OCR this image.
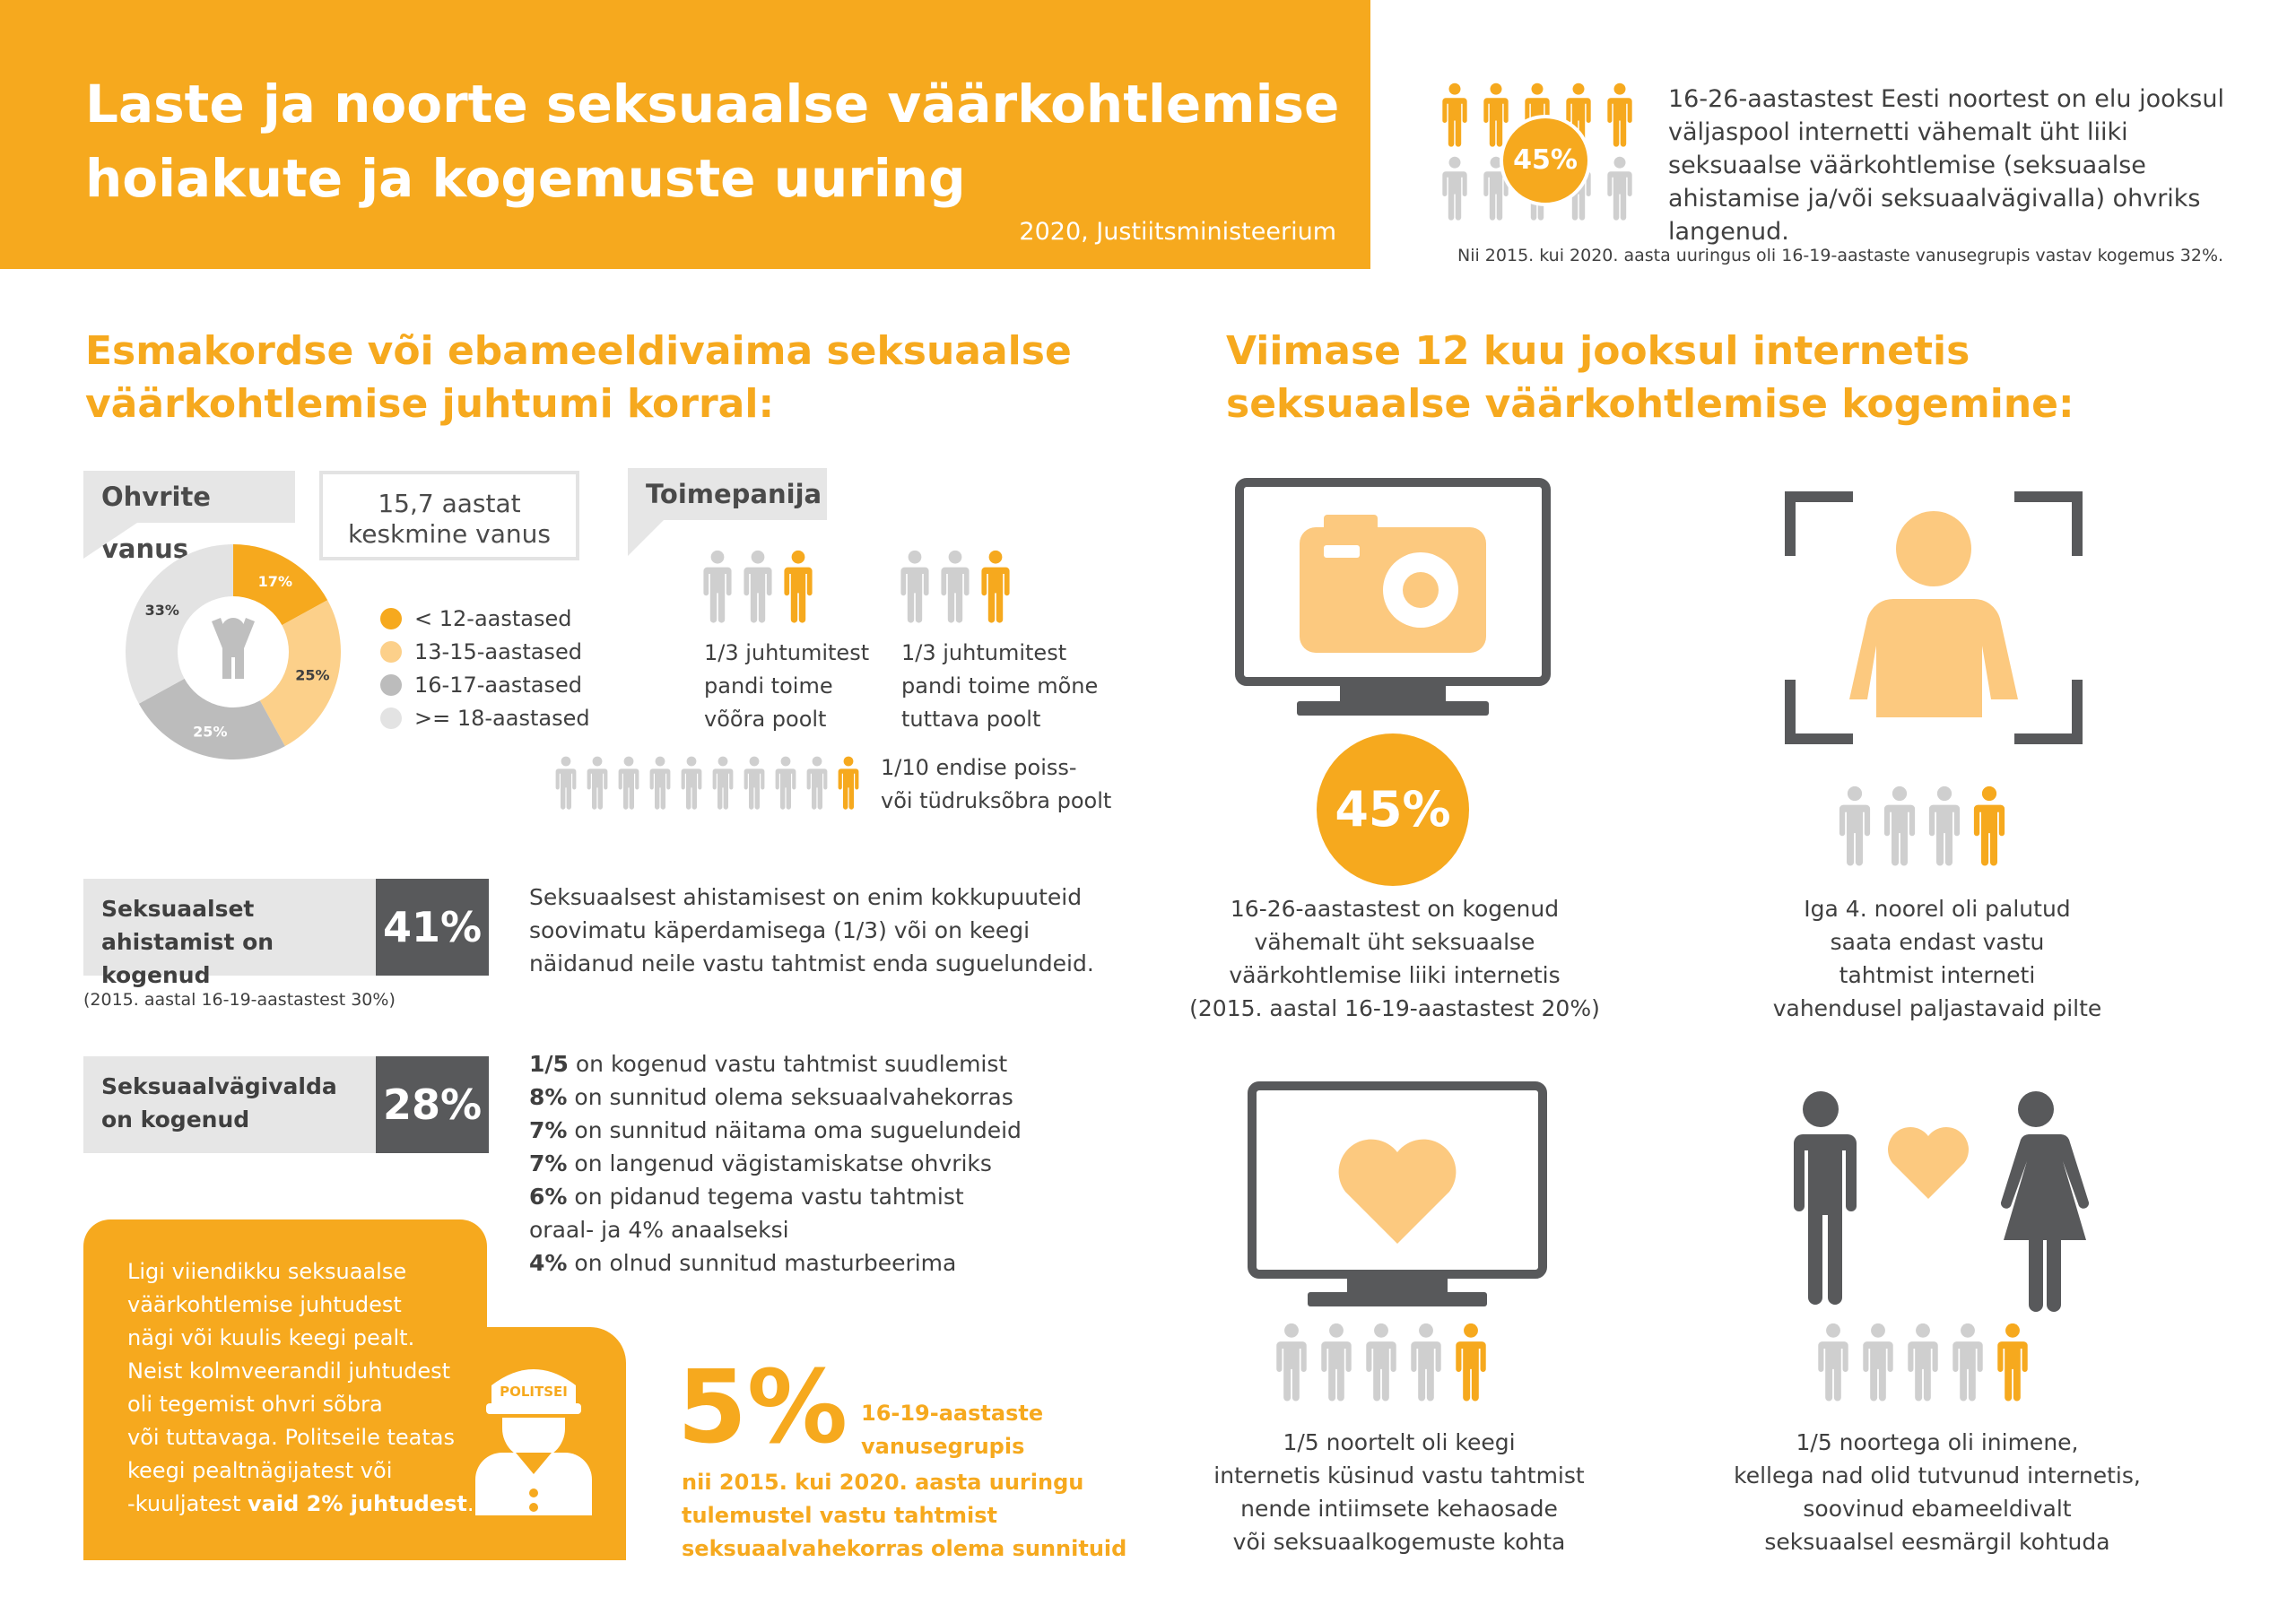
Laste ja noorte seksuaalse väärkohtlemise
hoiakute ja kogemuste uuring
2020, Justiitsministeerium
45%
16-26-aastastest Eesti noortest on elu jooksul väljaspool internetti vähemalt üht liiki seksuaalse väärkohtlemise (seksuaalse ahistamise ja/või seksuaalvägivalla) ohvriks langenud.
Nii 2015. kui 2020. aasta uuringus oli 16-19-aastaste vanusegrupis vastav kogemus 32%.
Esmakordse või ebameeldivaima seksuaalse
väärkohtlemise juhtumi korral:
Ohvrite vanus
15,7 aastat
keskmine vanus
17%
25%
25%
33%	< 12-aastased
13-15-aastased
16-17-aastased
>= 18-aastased
Toimepanija
1/3 juhtumitest
pandi toime
võõra poolt
1/3 juhtumitest
pandi toime mõne
tuttava poolt
1/10 endise poiss-
või tüdruksõbra poolt
Seksuaalset
ahistamist on kogenud
41%
Seksuaalsest ahistamisest on enim kokkupuuteid
soovimatu käperdamisega (1/3) või on keegi
näidanud neile vastu tahtmist enda suguelundeid.
(2015. aastal 16-19-aastastest 30%)
Seksuaalvägivalda
on kogenud	28%
1/5 on kogenud vastu tahtmist suudlemist
8% on sunnitud olema seksuaalvahekorras
7% on sunnitud näitama oma suguelundeid
7% on langenud vägistamiskatse ohvriks
6% on pidanud tegema vastu tahtmist
oraal- ja 4% anaalseksi
4% on olnud sunnitud masturbeerima
Ligi viiendikku seksuaalse
väärkohtlemise juhtudest
nägi või kuulis keegi pealt.
Neist kolmveerandil juhtudest
oli tegemist ohvri sõbra
või tuttavaga. Politseile teatas
keegi pealtnägijatest või
-kuuljatest vaid 2% juhtudest.
POLITSEI 5% 16-19-aastaste
vanusegrupis
nii 2015. kui 2020. aasta uuringu
tulemustel vastu tahtmist
seksuaalvahekorras olema sunnituid
Viimase 12 kuu jooksul internetis
seksuaalse väärkohtlemise kogemine:
45%
16-26-aastastest on kogenud
vähemalt üht seksuaalse
väärkohtlemise liiki internetis
(2015. aastal 16-19-aastastest 20%)
Iga 4. noorel oli palutud
saata endast vastu
tahtmist interneti
vahendusel paljastavaid pilte
1/5 noortelt oli keegi
internetis küsinud vastu tahtmist
nende intiimsete kehaosade
või seksuaalkogemuste kohta
1/5 noortega oli inimene,
kellega nad olid tutvunud internetis,
soovinud ebameeldivalt
seksuaalsel eesmärgil kohtuda
